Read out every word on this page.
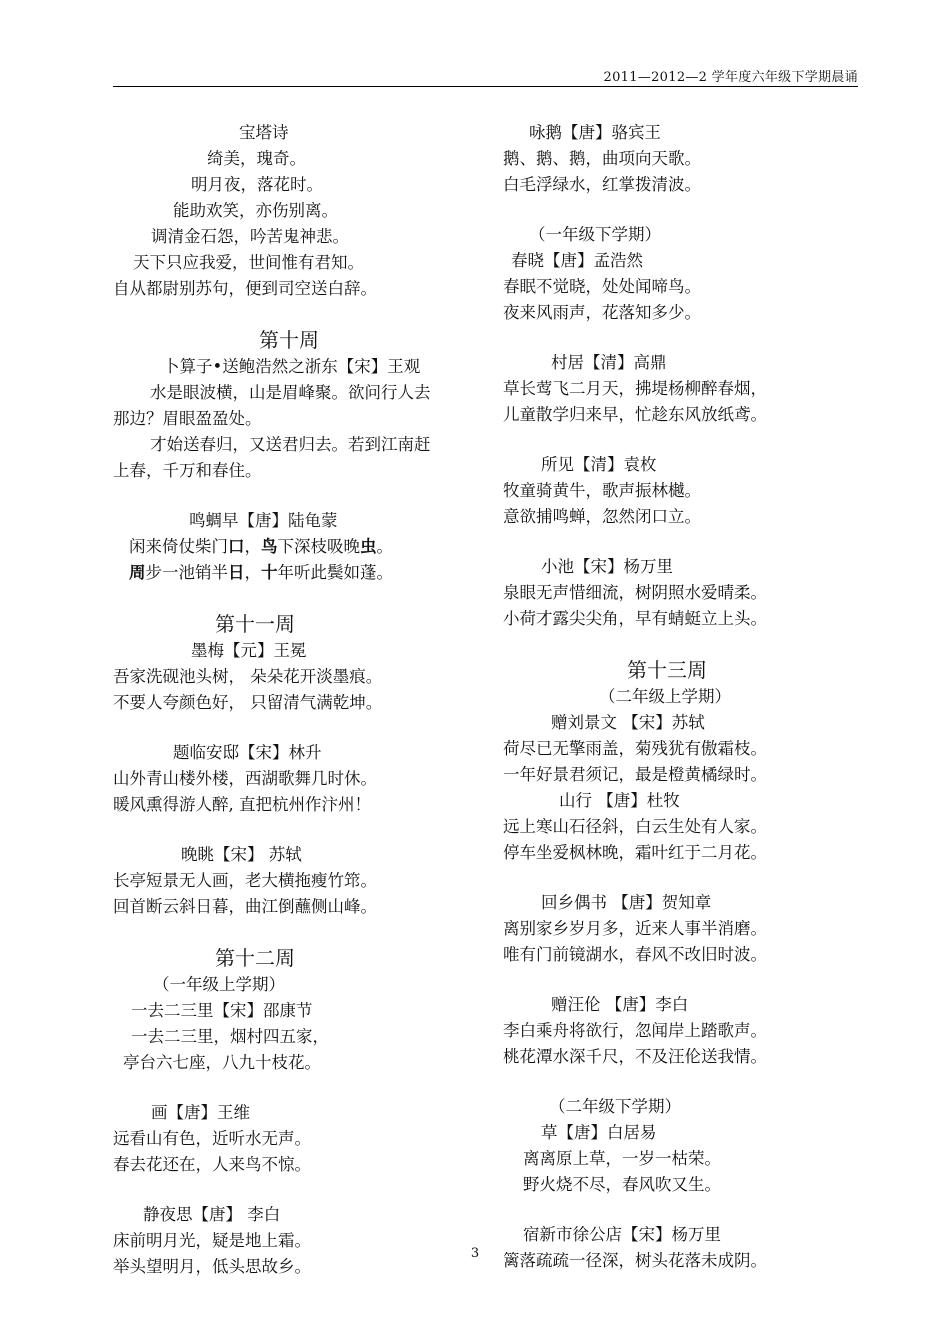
2011—2012—2 学年度六年级下学期晨诵
宝塔诗
绮美，瑰奇。
明月夜，落花时。
能助欢笑，亦伤别离。
调清金石怨，吟苦鬼神悲。
天下只应我爱，世间惟有君知。
自从都尉别苏句，便到司空送白辞。
第十周
卜算子•送鲍浩然之浙东【宋】王观
水是眼波横，山是眉峰聚。欲问行人去
那边？眉眼盈盈处。
才始送春归，又送君归去。若到江南赶
上春，千万和春住。
鸣蜩早【唐】陆龟蒙
闲来倚仗柴门口，鸟下深枝吸晚虫。
周步一池销半日，十年听此鬓如蓬。
第十一周
墨梅【元】王冕
吾家洗砚池头树， 朵朵花开淡墨痕。
不要人夸颜色好， 只留清气满乾坤。
题临安邸【宋】林升
山外青山楼外楼，西湖歌舞几时休。
暖风熏得游人醉, 直把杭州作汴州！
晚眺【宋】 苏轼
长亭短景无人画，老大横拖瘦竹筇。
回首断云斜日暮，曲江倒蘸侧山峰。
第十二周
（一年级上学期）
一去二三里【宋】邵康节
一去二三里，烟村四五家，
亭台六七座，八九十枝花。
画【唐】王维
远看山有色，近听水无声。
春去花还在，人来鸟不惊。
静夜思【唐】 李白
床前明月光，疑是地上霜。
举头望明月，低头思故乡。
咏鹅【唐】骆宾王
鹅、鹅、鹅，曲项向天歌。
白毛浮绿水，红掌拨清波。
（一年级下学期）
春晓【唐】孟浩然
春眠不觉晓，处处闻啼鸟。
夜来风雨声，花落知多少。
村居【清】高鼎
草长莺飞二月天，拂堤杨柳醉春烟，
儿童散学归来早，忙趁东风放纸鸢。
所见【清】袁枚
牧童骑黄牛，歌声振林樾。
意欲捕鸣蝉，忽然闭口立。
小池【宋】杨万里
泉眼无声惜细流，树阴照水爱晴柔。
小荷才露尖尖角，早有蜻蜓立上头。
第十三周
（二年级上学期）
赠刘景文 【宋】苏轼
荷尽已无擎雨盖，菊残犹有傲霜枝。
一年好景君须记，最是橙黄橘绿时。
山行 【唐】杜牧
远上寒山石径斜，白云生处有人家。
停车坐爱枫林晚，霜叶红于二月花。
回乡偶书 【唐】贺知章
离别家乡岁月多，近来人事半消磨。
唯有门前镜湖水，春风不改旧时波。
赠汪伦 【唐】李白
李白乘舟将欲行，忽闻岸上踏歌声。
桃花潭水深千尺，不及汪伦送我情。
（二年级下学期）
草【唐】白居易
离离原上草，一岁一枯荣。
野火烧不尽，春风吹又生。
宿新市徐公店【宋】杨万里
篱落疏疏一径深，树头花落未成阴。
3
